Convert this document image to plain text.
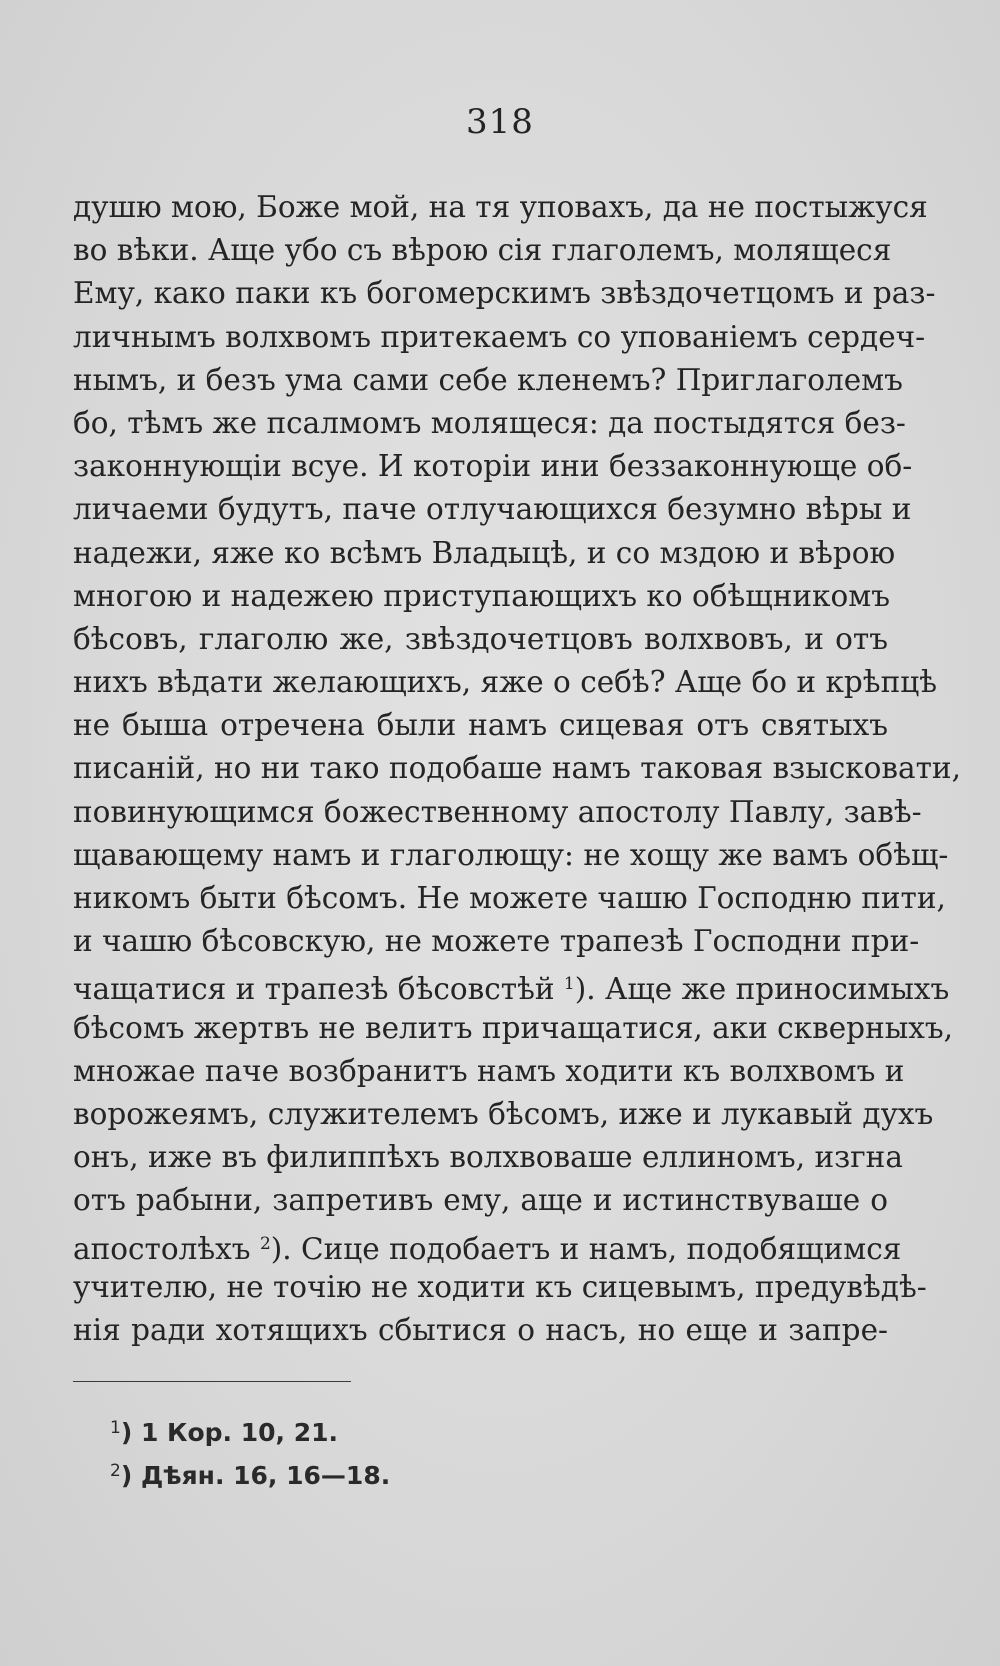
318
душю мою, Боже мой, на тя уповахъ, да не постыжуся
во вѣки. Аще убо съ вѣрою сія глаголемъ, молящеся
Ему, како паки къ богомерскимъ звѣздочетцомъ и раз-
личнымъ волхвомъ притекаемъ со упованіемъ сердеч-
нымъ, и безъ ума сами себе кленемъ? Приглаголемъ
бо, тѣмъ же псалмомъ молящеся: да постыдятся без-
законнующіи всуе. И которіи ини беззаконнующе об-
личаеми будутъ, паче отлучающихся безумно вѣры и
надежи, яже ко всѣмъ Владыцѣ, и со мздою и вѣрою
многою и надежею приступающихъ ко обѣщникомъ
бѣсовъ, глаголю же, звѣздочетцовъ волхвовъ, и отъ
нихъ вѣдати желающихъ, яже о себѣ? Аще бо и крѣпцѣ
не быша отречена были намъ сицевая отъ святыхъ
писаній, но ни тако подобаше намъ таковая взысковати,
повинующимся божественному апостолу Павлу, завѣ-
щавающему намъ и глаголющу: не хощу же вамъ обѣщ-
никомъ быти бѣсомъ. Не можете чашю Господню пити,
и чашю бѣсовскую, не можете трапезѣ Господни при-
чащатися и трапезѣ бѣсовстѣй $^1$). Аще же приносимыхъ
бѣсомъ жертвъ не велитъ причащатися, аки скверныхъ,
множае паче возбранитъ намъ ходити къ волхвомъ и
ворожеямъ, служителемъ бѣсомъ, иже и лукавый духъ
онъ, иже въ филиппѣхъ волхвоваше еллиномъ, изгна
отъ рабыни, запретивъ ему, аще и истинствуваше о
апостолѣхъ $^2$). Сице подобаетъ и намъ, подобящимся
учителю, не точію не ходити къ сицевымъ, предувѣдѣ-
нія ради хотящихъ сбытися о насъ, но еще и запре-
$^1$) 1 Кор. 10, 21.
$^2$) Дѣян. 16, 16—18.
